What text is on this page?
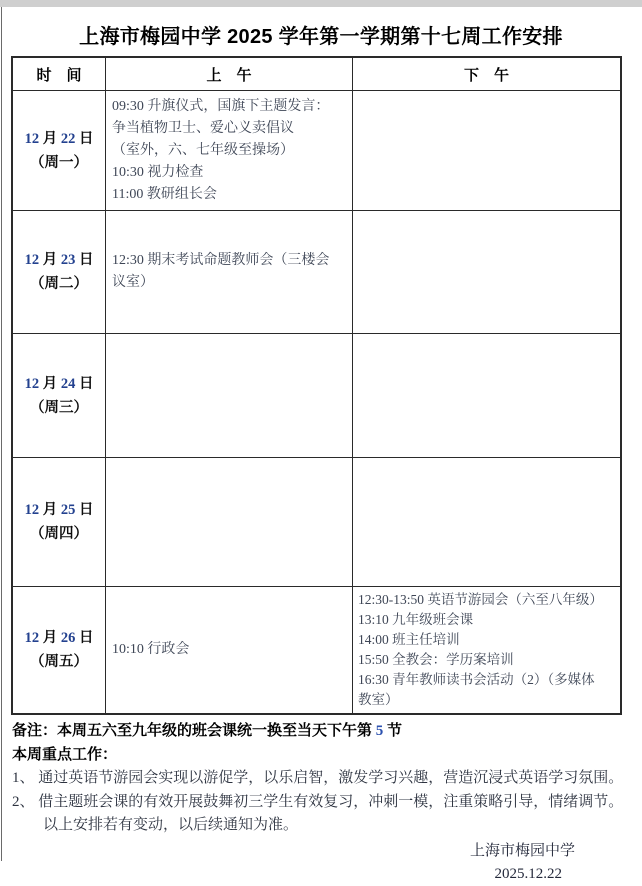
上海市梅园中学 2025 学年第一学期第十七周工作安排
时　间	上　午	下　午
12 月 22 日
（周一）
09:30 升旗仪式，国旗下主题发言：
争当植物卫士、爱心义卖倡议
（室外，六、七年级至操场）
10:30 视力检查
11:00 教研组长会
12 月 23 日
（周二）
12:30 期末考试命题教师会（三楼会
议室）
12 月 24 日
（周三）
12 月 25 日
（周四）
12 月 26 日
（周五）
10:10 行政会
12:30-13:50 英语节游园会（六至八年级）
13:10 九年级班会课
14:00 班主任培训
15:50 全教会：学历案培训
16:30 青年教师读书会活动（2）（多媒体
教室）
备注：本周五六至九年级的班会课统一换至当天下午第 5 节
本周重点工作：
1、 通过英语节游园会实现以游促学，以乐启智，激发学习兴趣，营造沉浸式英语学习氛围。
2、 借主题班会课的有效开展鼓舞初三学生有效复习，冲刺一模，注重策略引导，情绪调节。
以上安排若有变动，以后续通知为准。
上海市梅园中学
2025.12.22
